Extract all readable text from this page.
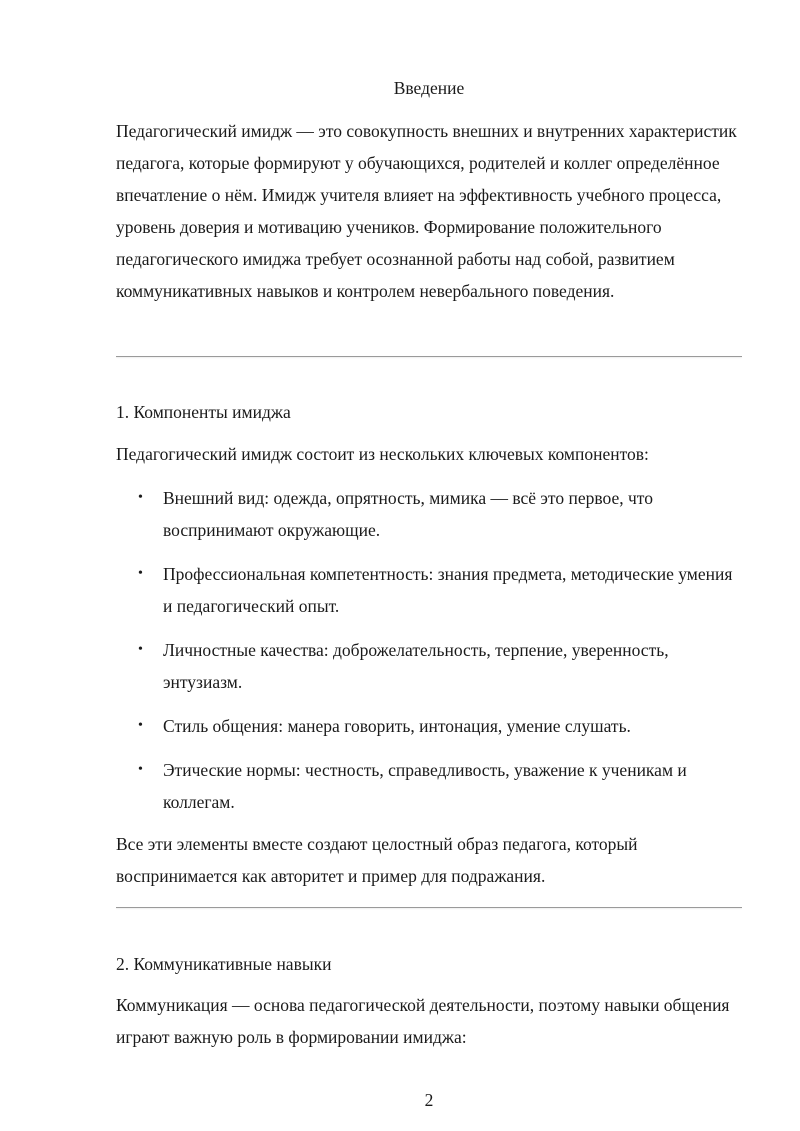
Введение

Педагогический имидж — это совокупность внешних и внутренних характеристик педагога, которые формируют у обучающихся, родителей и коллег определённое впечатление о нём. Имидж учителя влияет на эффективность учебного процесса, уровень доверия и мотивацию учеников. Формирование положительного педагогического имиджа требует осознанной работы над собой, развитием коммуникативных навыков и контролем невербального поведения.

1. Компоненты имиджа

Педагогический имидж состоит из нескольких ключевых компонентов:

• Внешний вид: одежда, опрятность, мимика — всё это первое, что воспринимают окружающие.
• Профессиональная компетентность: знания предмета, методические умения и педагогический опыт.
• Личностные качества: доброжелательность, терпение, уверенность, энтузиазм.
• Стиль общения: манера говорить, интонация, умение слушать.
• Этические нормы: честность, справедливость, уважение к ученикам и коллегам.

Все эти элементы вместе создают целостный образ педагога, который воспринимается как авторитет и пример для подражания.

2. Коммуникативные навыки

Коммуникация — основа педагогической деятельности, поэтому навыки общения играют важную роль в формировании имиджа:

2
